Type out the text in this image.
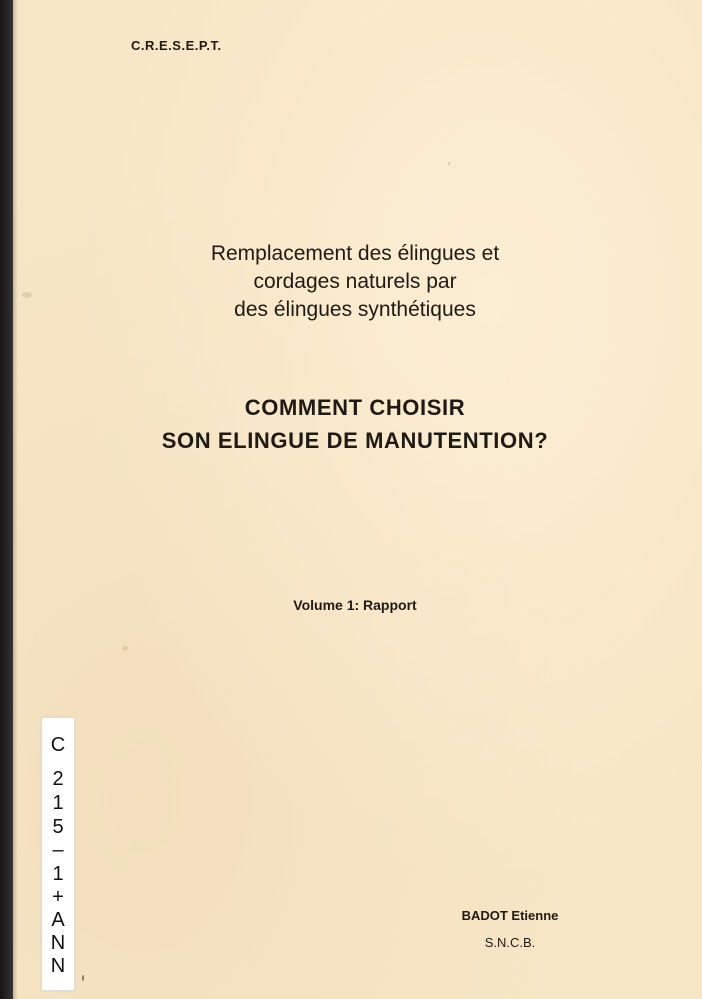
C.R.E.S.E.P.T.
Remplacement des élingues et
cordages naturels par
des élingues synthétiques
COMMENT CHOISIR
SON ELINGUE DE MANUTENTION?
Volume 1: Rapport
C
2
1
5
–
1
+
A
N
N
BADOT Etienne
S.N.C.B.
